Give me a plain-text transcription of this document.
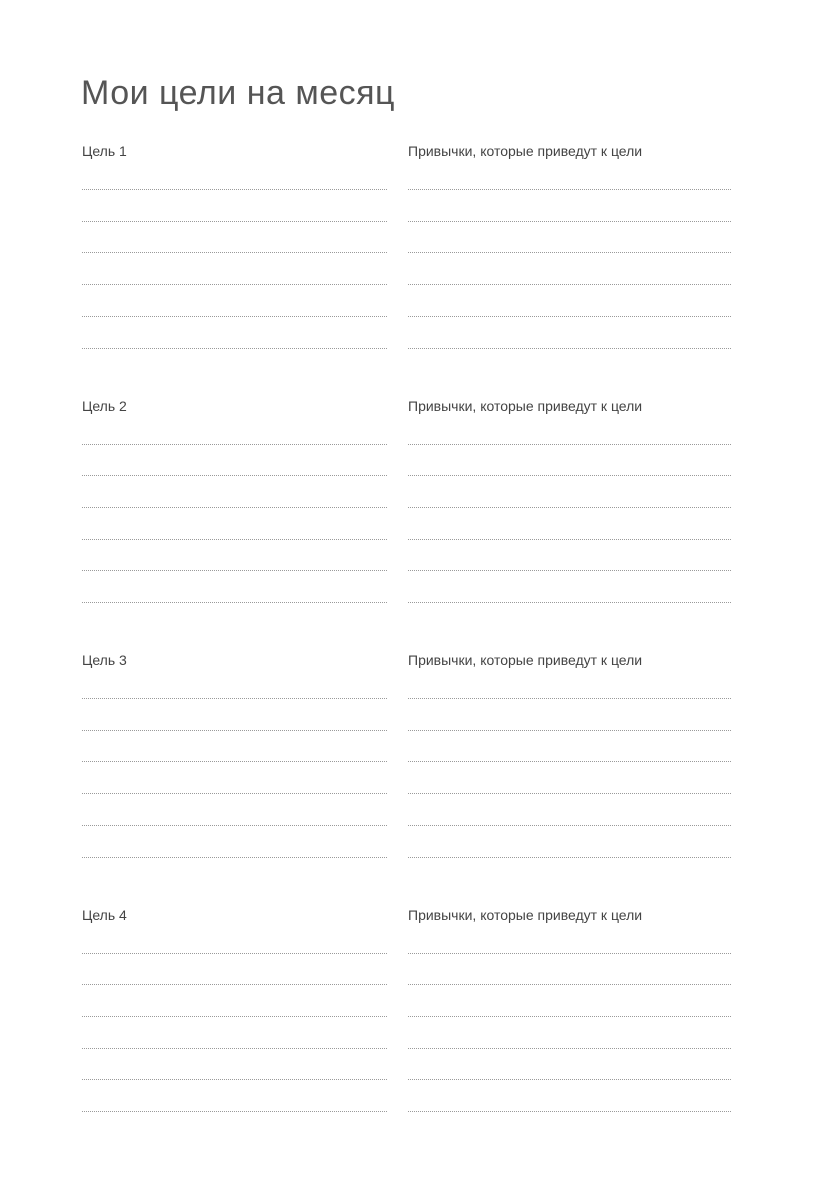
Мои цели на месяц
Цель 1	Привычки, которые приведут к цели
Цель 2	Привычки, которые приведут к цели
Цель 3	Привычки, которые приведут к цели
Цель 4	Привычки, которые приведут к цели
